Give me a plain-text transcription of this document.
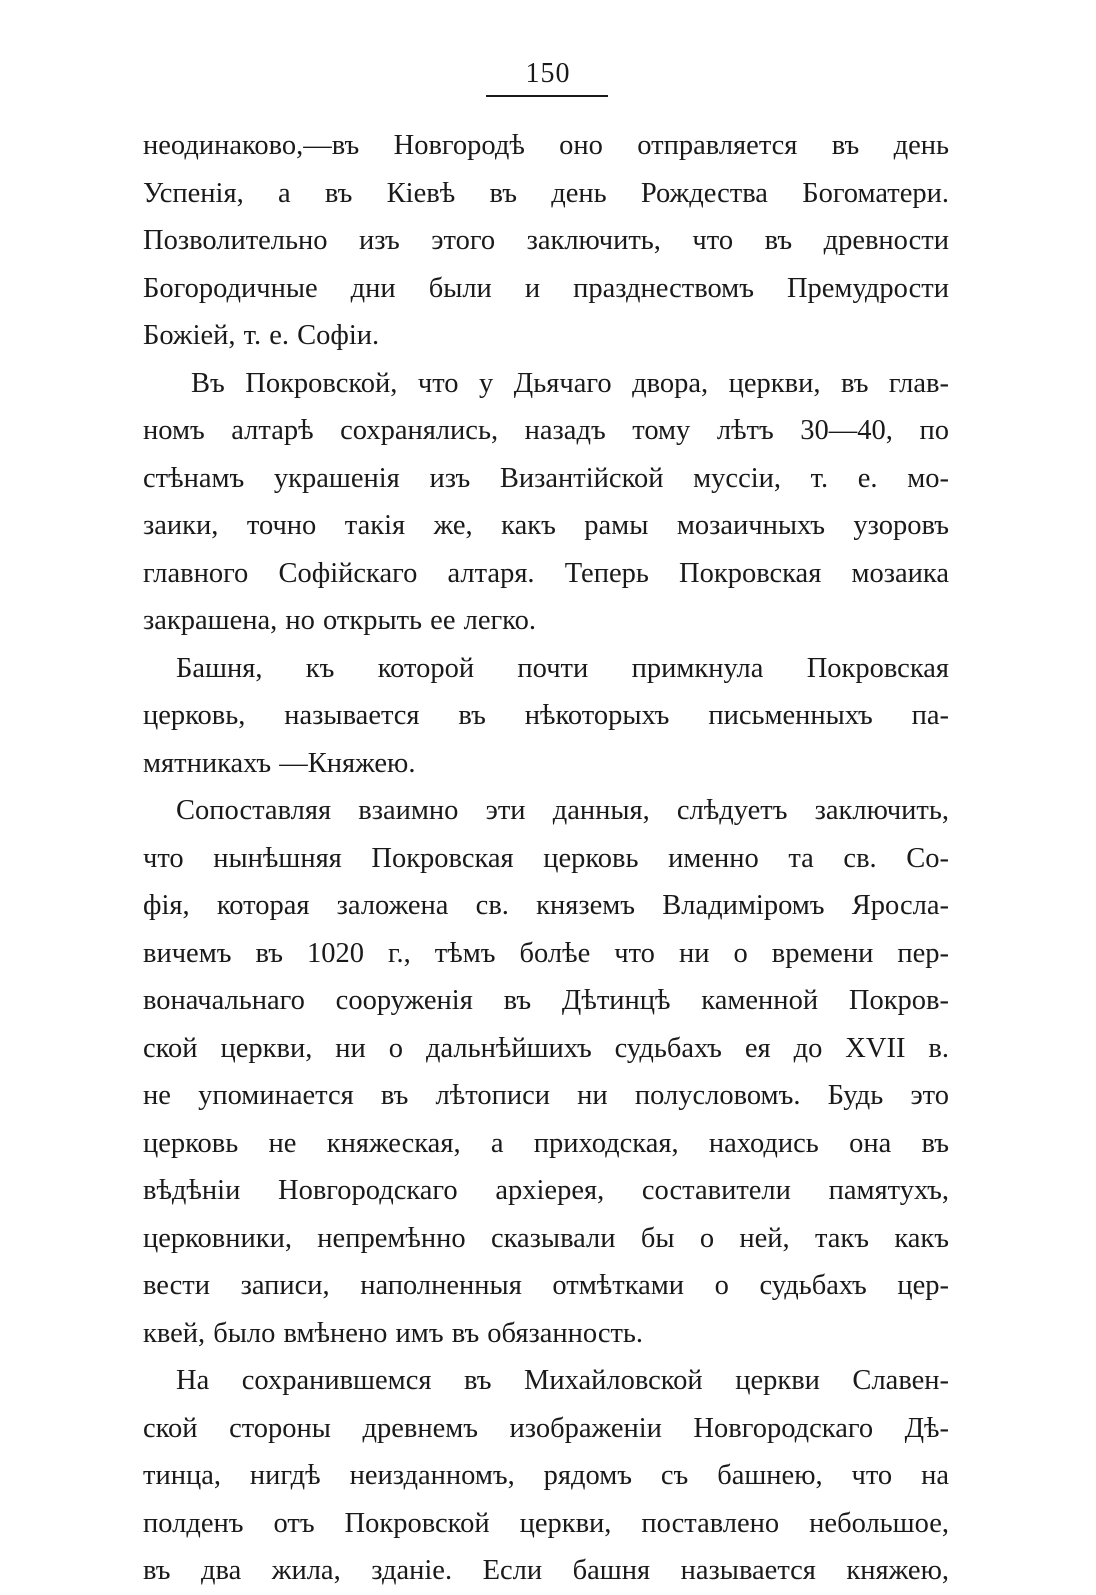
150
неодинаково,—въ Новгородѣ оно отправляется въ день
Успенія, а въ Кіевѣ въ день Рождества Богоматери.
Позволительно изъ этого заключить, что въ древности
Богородичные дни были и празднествомъ Премудрости
Божіей, т. е. Софіи.
Въ Покровской, что у Дьячаго двора, церкви, въ глав-
номъ алтарѣ сохранялись, назадъ тому лѣтъ 30—40, по
стѣнамъ украшенія изъ Византійской муссіи, т. е. мо-
заики, точно такія же, какъ рамы мозаичныхъ узоровъ
главного Софійскаго алтаря. Теперь Покровская мозаика
закрашена, но открыть ее легко.
Башня, къ которой почти примкнула Покровская
церковь, называется въ нѣкоторыхъ письменныхъ па-
мятникахъ —Княжею.
Сопоставляя взаимно эти данныя, слѣдуетъ заключить,
что нынѣшняя Покровская церковь именно та св. Со-
фія, которая заложена св. княземъ Владиміромъ Яросла-
вичемъ въ 1020 г., тѣмъ болѣе что ни о времени пер-
воначальнаго сооруженія въ Дѣтинцѣ каменной Покров-
ской церкви, ни о дальнѣйшихъ судьбахъ ея до XVII в.
не упоминается въ лѣтописи ни полусловомъ. Будь это
церковь не княжеская, а приходская, находись она въ
вѣдѣніи Новгородскаго архіерея, составители памятухъ,
церковники, непремѣнно сказывали бы о ней, такъ какъ
вести записи, наполненныя отмѣтками о судьбахъ цер-
квей, было вмѣнено имъ въ обязанность.
На сохранившемся въ Михайловской церкви Славен-
ской стороны древнемъ изображеніи Новгородскаго Дѣ-
тинца, нигдѣ неизданномъ, рядомъ съ башнею, что на
полденъ отъ Покровской церкви, поставлено небольшое,
въ два жила, зданіе. Если башня называется княжею,
